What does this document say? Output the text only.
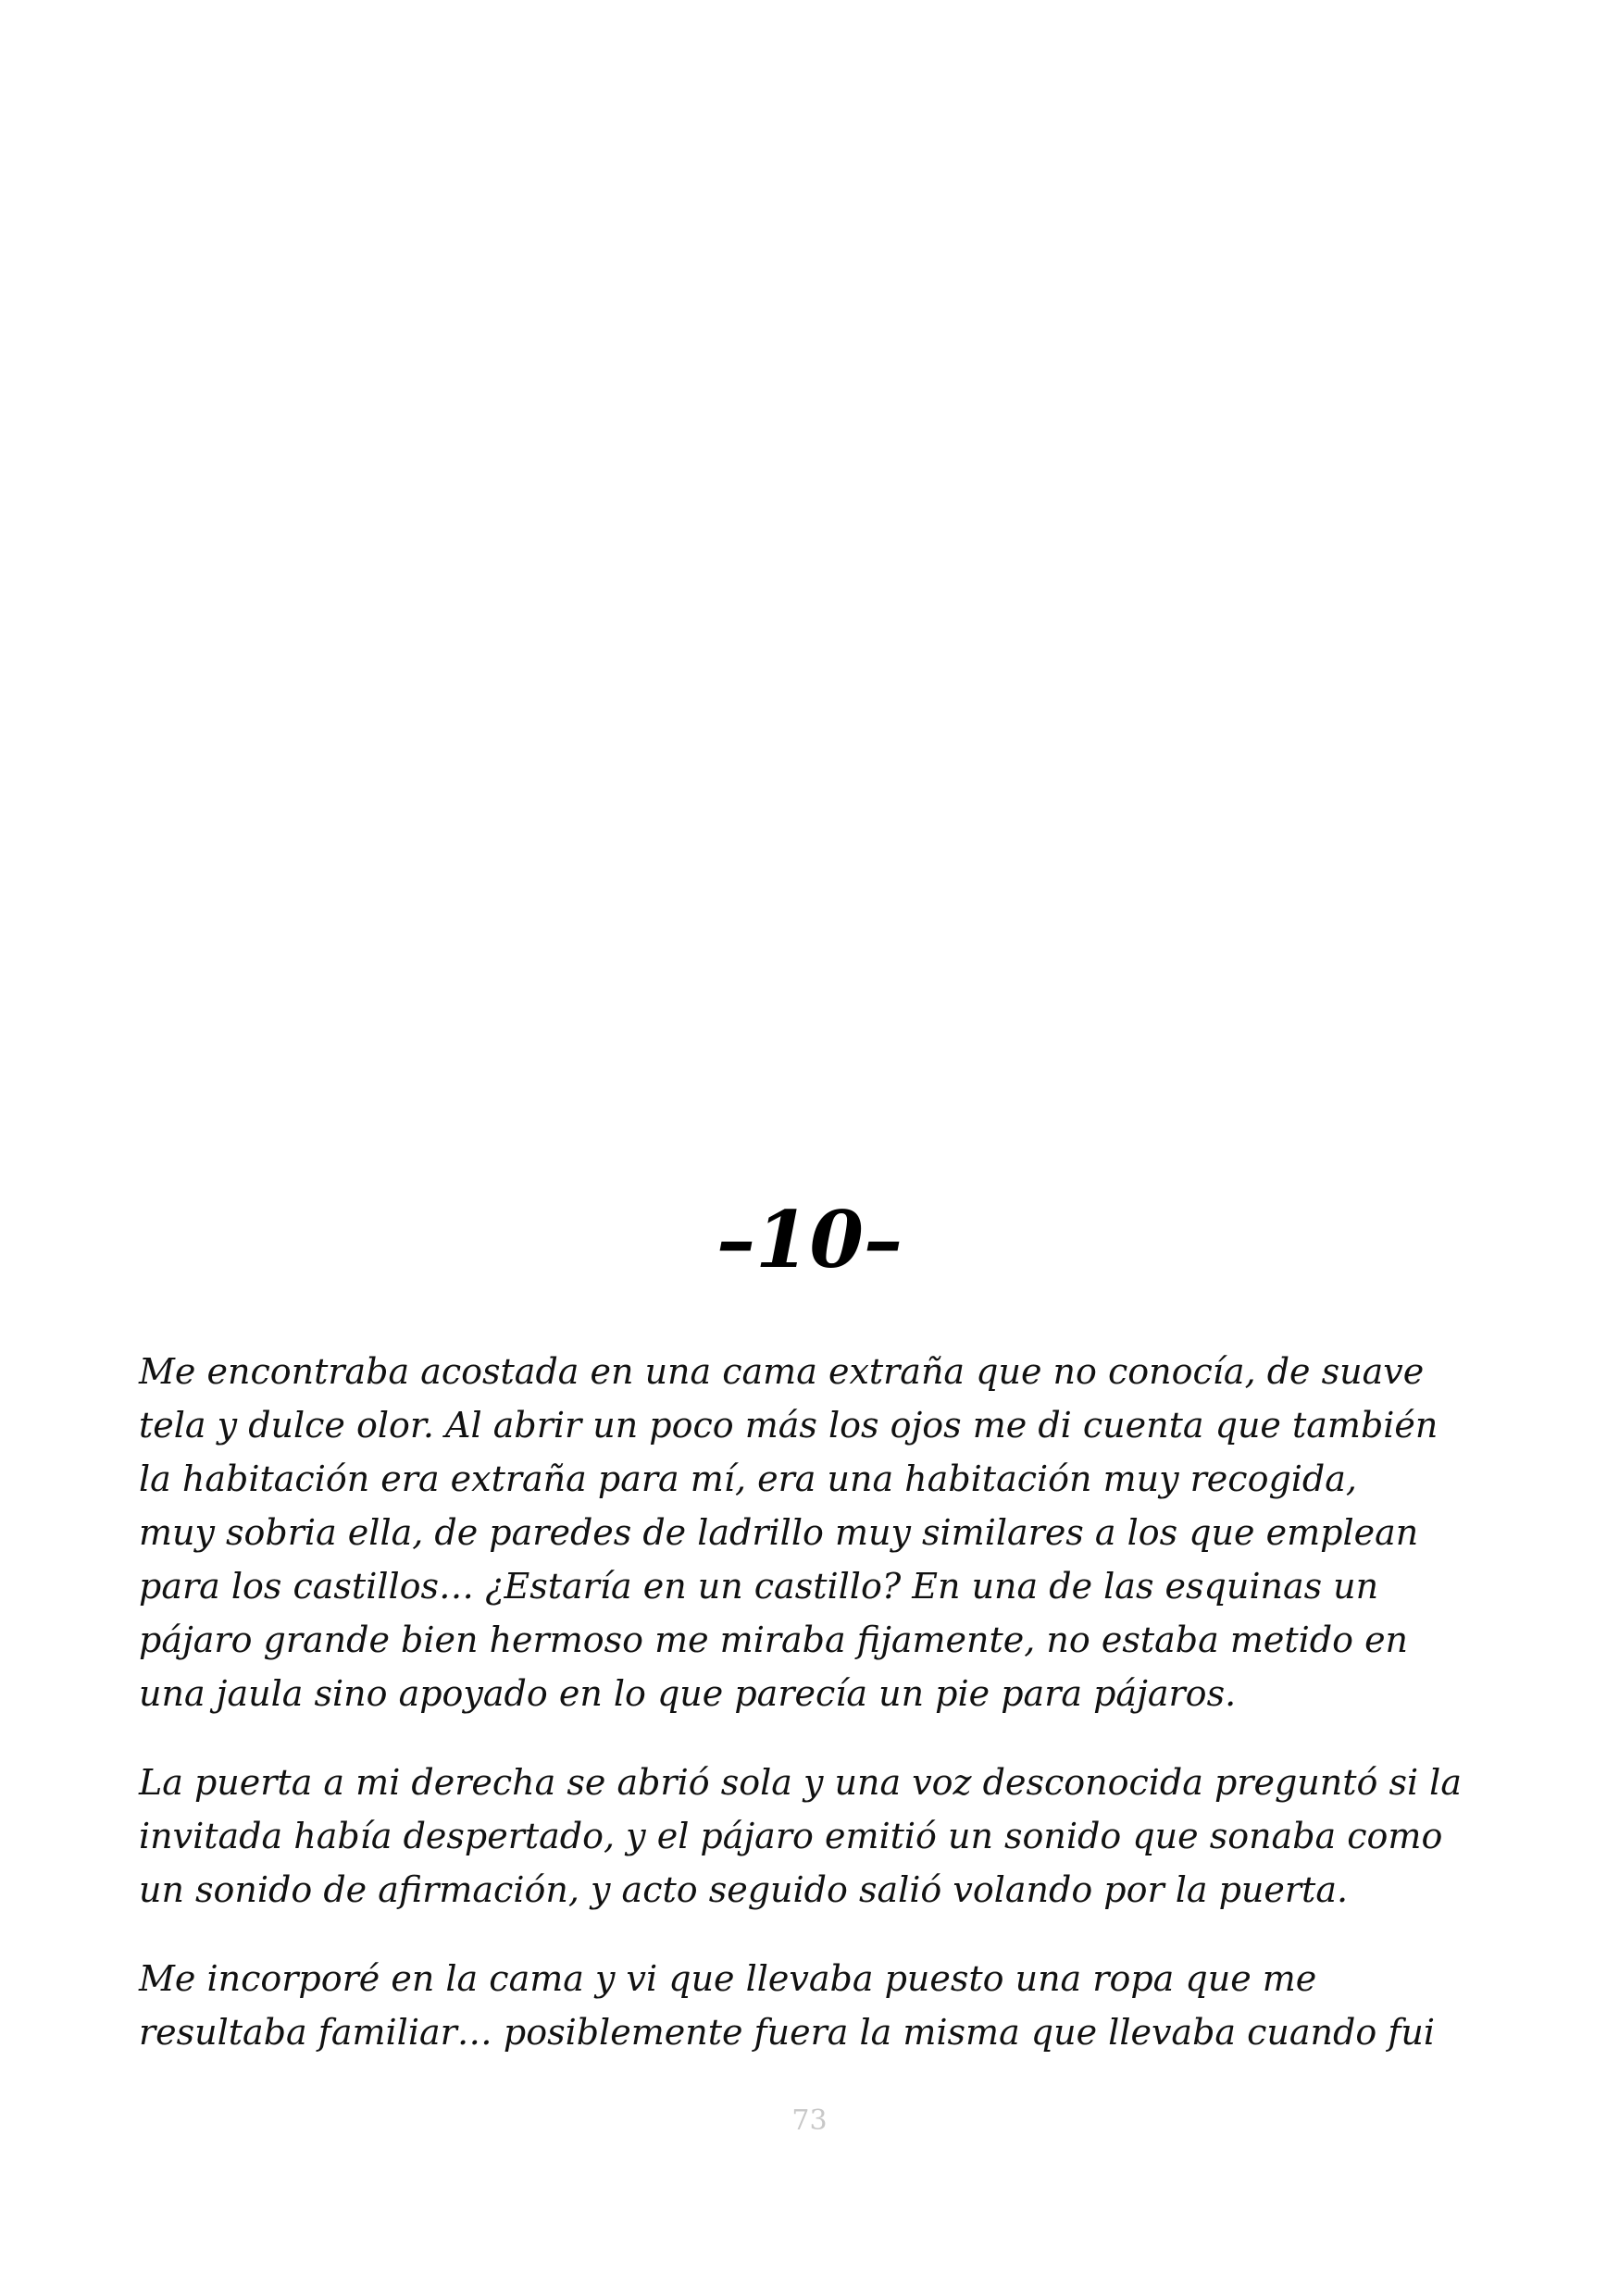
–10–

Me encontraba acostada en una cama extraña que no conocía, de suave
tela y dulce olor. Al abrir un poco más los ojos me di cuenta que también
la habitación era extraña para mí, era una habitación muy recogida,
muy sobria ella, de paredes de ladrillo muy similares a los que emplean
para los castillos… ¿Estaría en un castillo? En una de las esquinas un
pájaro grande bien hermoso me miraba fijamente, no estaba metido en
una jaula sino apoyado en lo que parecía un pie para pájaros.

La puerta a mi derecha se abrió sola y una voz desconocida preguntó si la
invitada había despertado, y el pájaro emitió un sonido que sonaba como
un sonido de afirmación, y acto seguido salió volando por la puerta.

Me incorporé en la cama y vi que llevaba puesto una ropa que me
resultaba familiar… posiblemente fuera la misma que llevaba cuando fui

73
